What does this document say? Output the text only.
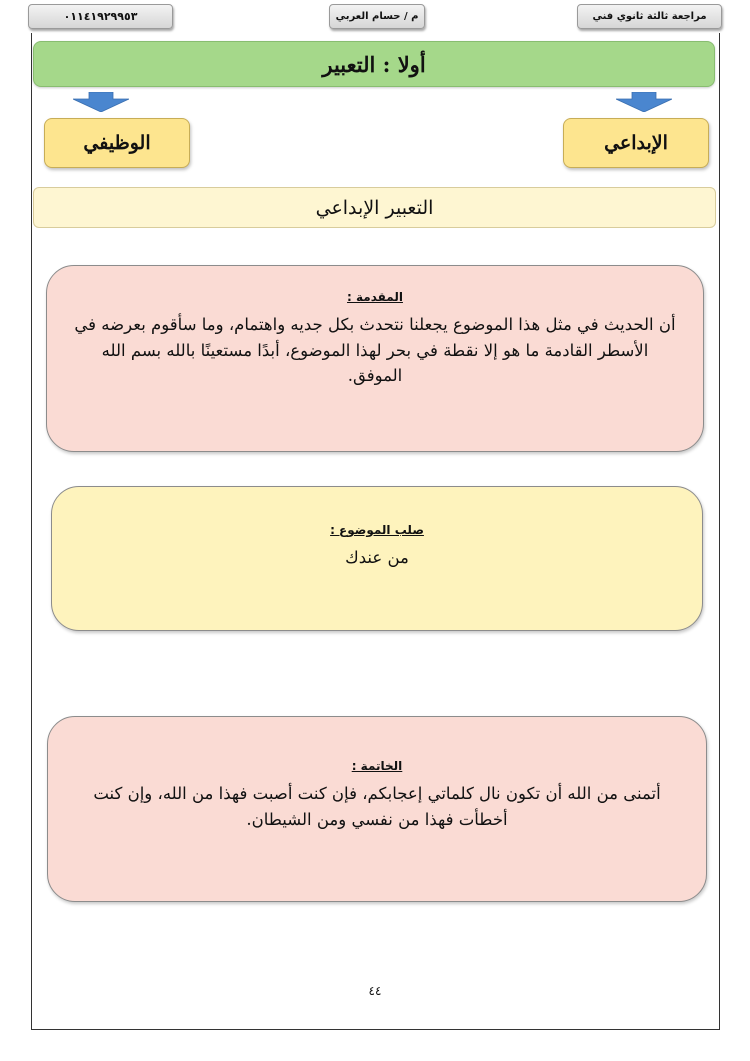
٠١١٤١٩٢٩٩٥٣	م / حسام العربي	مراجعة ثالثة ثانوي فني
أولا : التعبير
الوظيفي	الإبداعي
التعبير الإبداعي
المقدمة :

أن الحديث في مثل هذا الموضوع يجعلنا نتحدث بكل جديه واهتمام، وما سأقوم بعرضه في الأسطر القادمة ما هو إلا نقطة في بحر لهذا الموضوع، أبدًا مستعينًا بالله بسم الله الموفق.

صلب الموضوع :

من عندك

الخاتمة :

أتمنى من الله أن تكون نال كلماتي إعجابكم، فإن كنت أصبت فهذا من الله، وإن كنت أخطأت فهذا من نفسي ومن الشيطان.

٤٤
